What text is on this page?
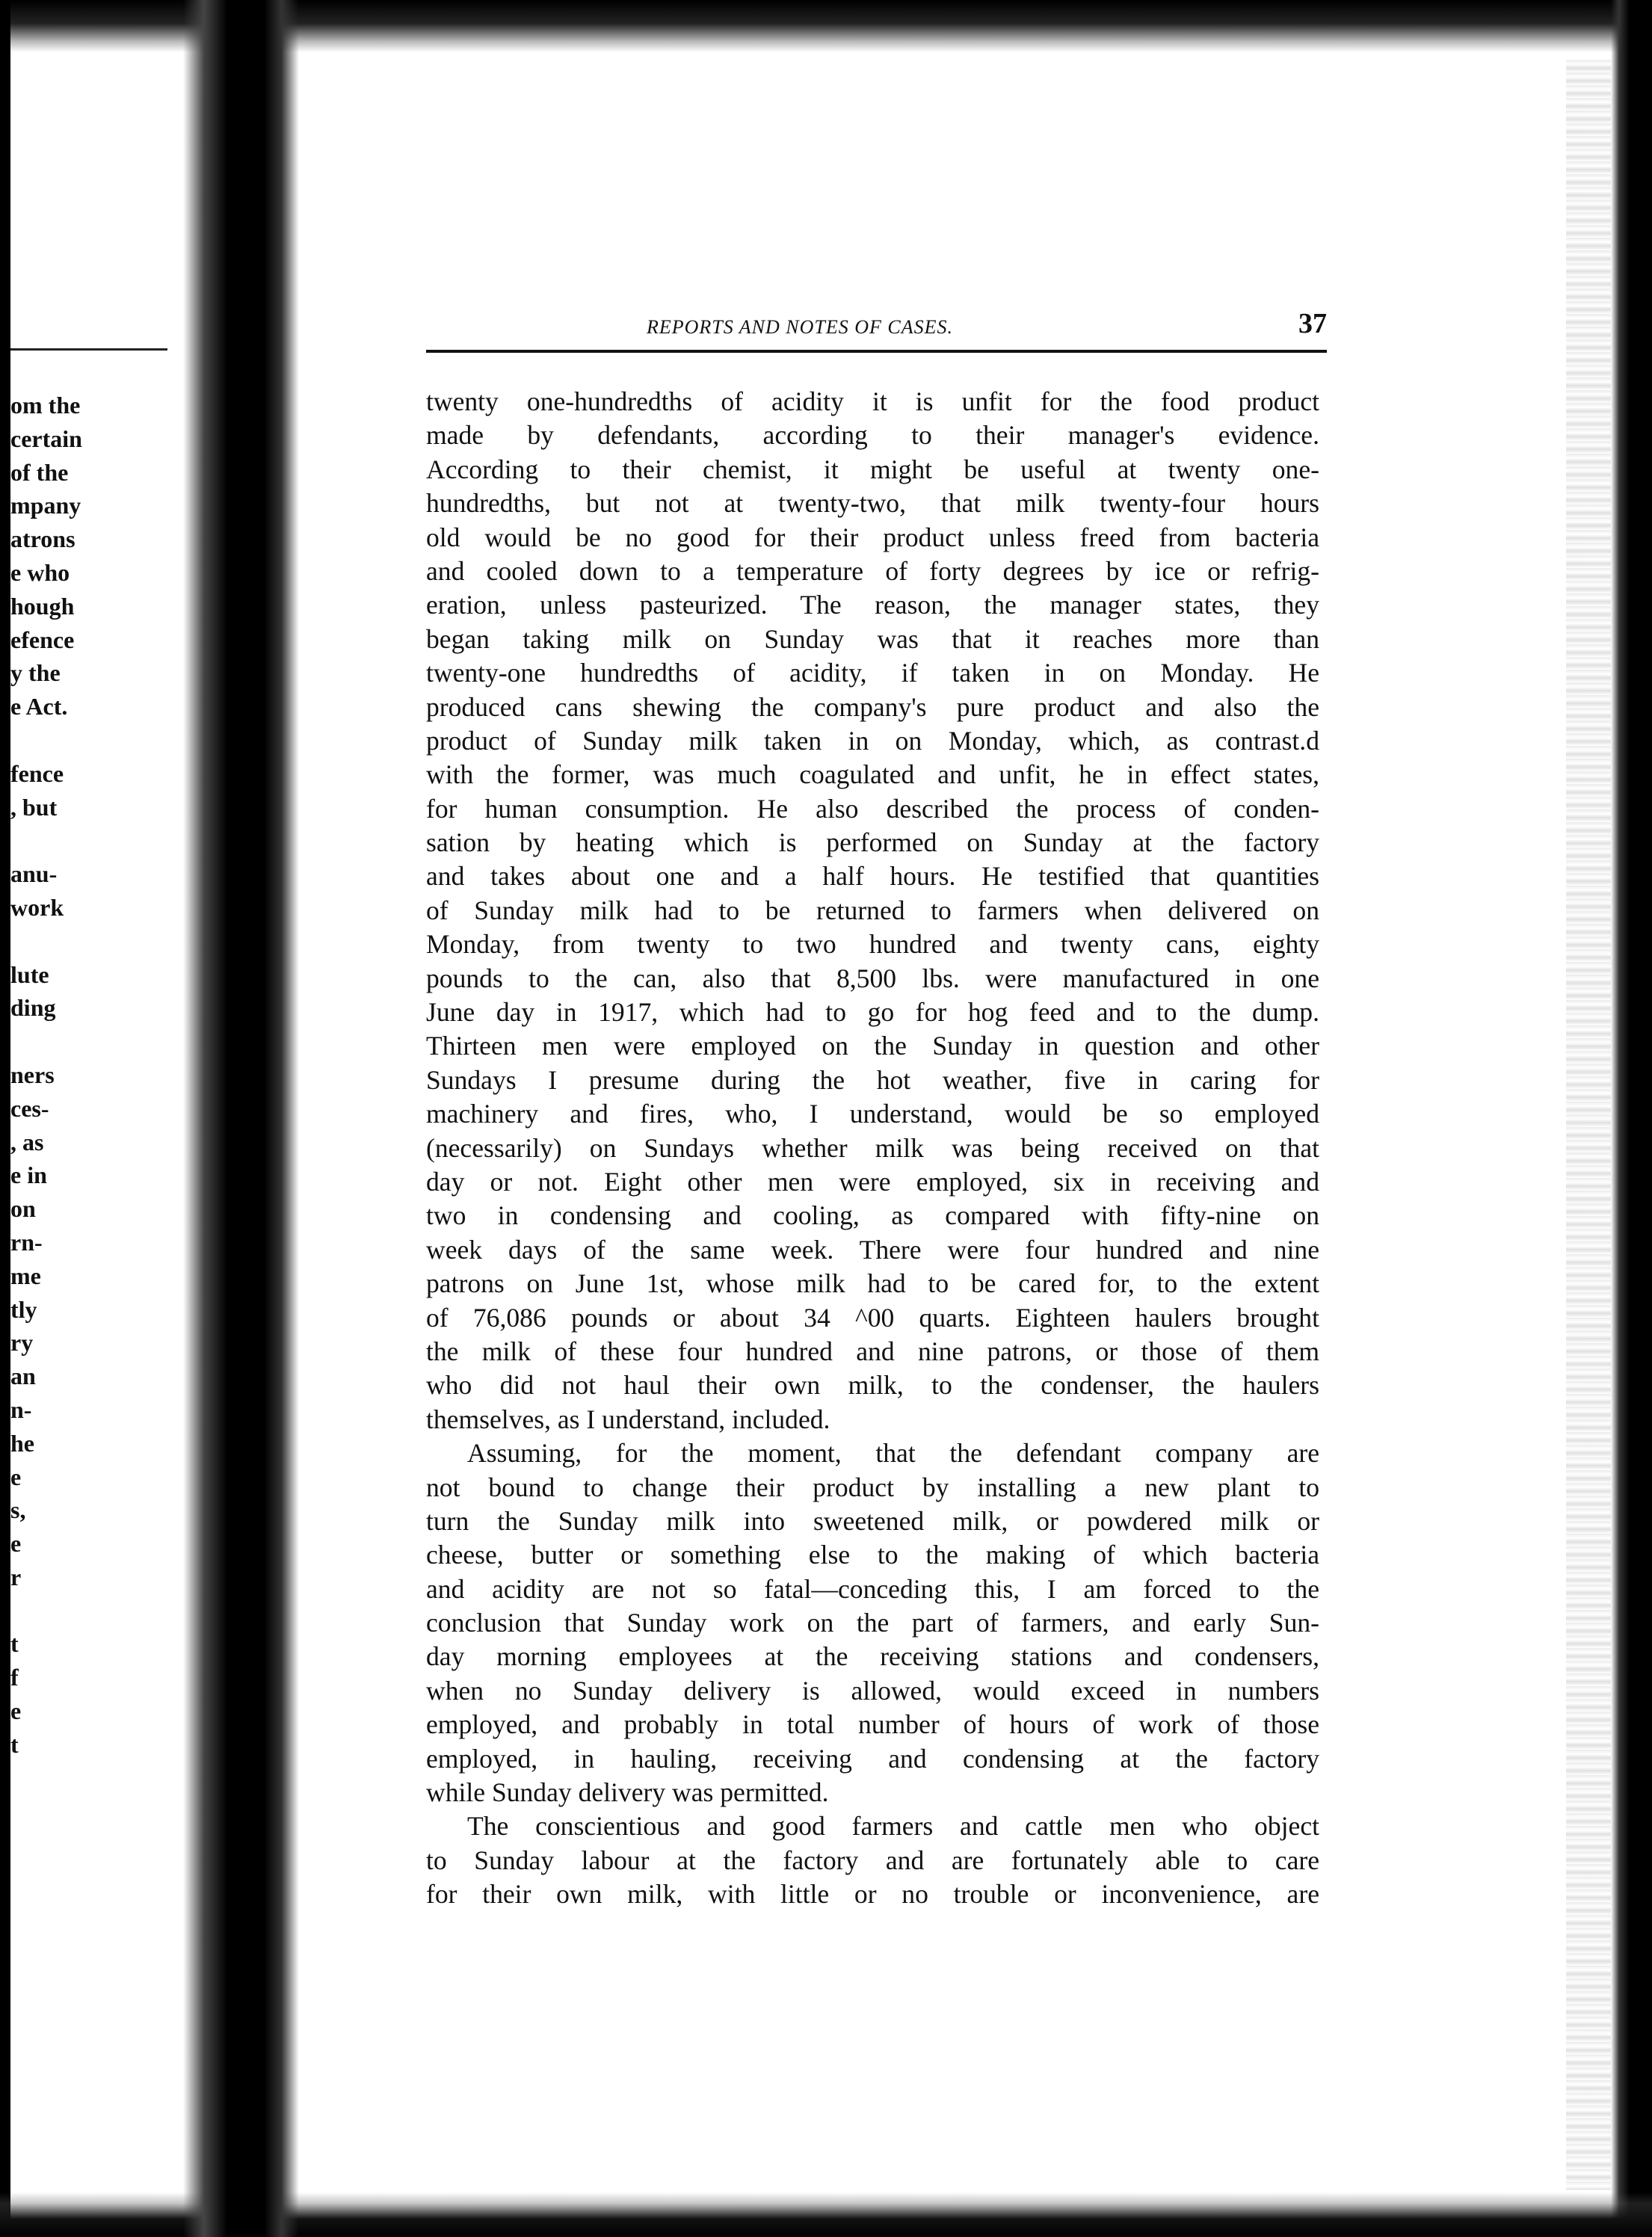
om the
certain
of the
mpany
atrons
e who
hough
efence
y the
e Act.
fence
, but
anu-
work
lute
ding
ners
ces-
, as
e in
on
rn-
me
tly
ry
an
n-
he
e
s,
e
r
t
f
e
t
REPORTS AND NOTES OF CASES.	37
twenty one-hundredths of acidity it is unfit for the food product
made by defendants, according to their manager's evidence.
According to their chemist, it might be useful at twenty one-
hundredths, but not at twenty-two, that milk twenty-four hours
old would be no good for their product unless freed from bacteria
and cooled down to a temperature of forty degrees by ice or refrig-
eration, unless pasteurized. The reason, the manager states, they
began taking milk on Sunday was that it reaches more than
twenty-one hundredths of acidity, if taken in on Monday. He
produced cans shewing the company's pure product and also the
product of Sunday milk taken in on Monday, which, as contrast.d
with the former, was much coagulated and unfit, he in effect states,
for human consumption. He also described the process of conden-
sation by heating which is performed on Sunday at the factory
and takes about one and a half hours. He testified that quantities
of Sunday milk had to be returned to farmers when delivered on
Monday, from twenty to two hundred and twenty cans, eighty
pounds to the can, also that 8,500 lbs. were manufactured in one
June day in 1917, which had to go for hog feed and to the dump.
Thirteen men were employed on the Sunday in question and other
Sundays I presume during the hot weather, five in caring for
machinery and fires, who, I understand, would be so employed
(necessarily) on Sundays whether milk was being received on that
day or not. Eight other men were employed, six in receiving and
two in condensing and cooling, as compared with fifty-nine on
week days of the same week. There were four hundred and nine
patrons on June 1st, whose milk had to be cared for, to the extent
of 76,086 pounds or about 34 ^00 quarts. Eighteen haulers brought
the milk of these four hundred and nine patrons, or those of them
who did not haul their own milk, to the condenser, the haulers
themselves, as I understand, included.
Assuming, for the moment, that the defendant company are
not bound to change their product by installing a new plant to
turn the Sunday milk into sweetened milk, or powdered milk or
cheese, butter or something else to the making of which bacteria
and acidity are not so fatal—conceding this, I am forced to the
conclusion that Sunday work on the part of farmers, and early Sun-
day morning employees at the receiving stations and condensers,
when no Sunday delivery is allowed, would exceed in numbers
employed, and probably in total number of hours of work of those
employed, in hauling, receiving and condensing at the factory
while Sunday delivery was permitted.
The conscientious and good farmers and cattle men who object
to Sunday labour at the factory and are fortunately able to care
for their own milk, with little or no trouble or inconvenience, are
